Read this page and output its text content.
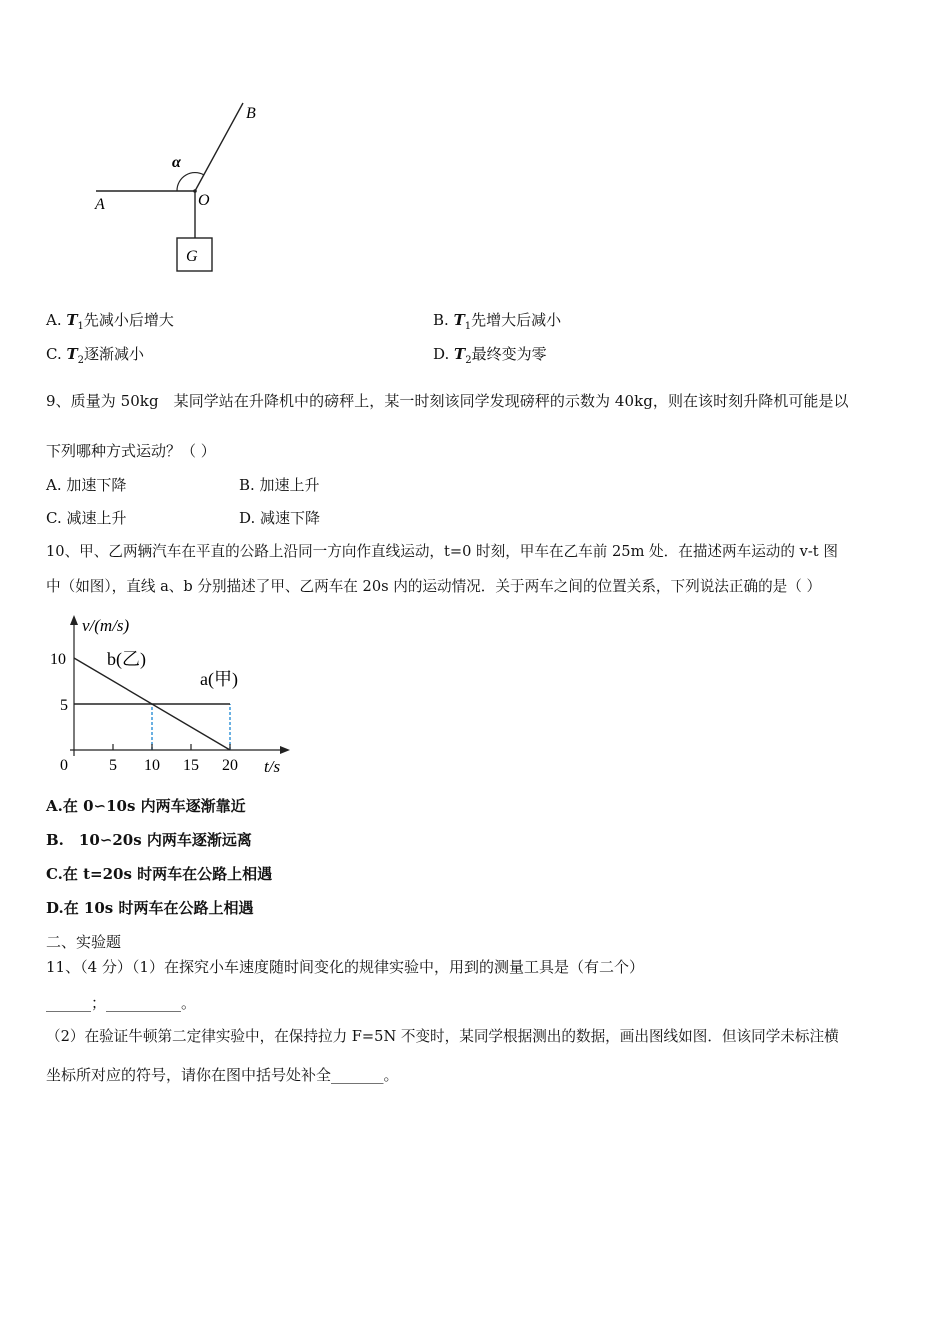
A
B
O
G
α
A. $T_1$先减小后增大	B. $T_1$先增大后减小
C. $T_2$逐渐减小	D. $T_2$最终变为零
9、质量为 50kg　某同学站在升降机中的磅秤上，某一时刻该同学发现磅秤的示数为 40kg，则在该时刻升降机可能是以
下列哪种方式运动？（ ）
A. 加速下降	B. 加速上升
C. 减速上升	D. 减速下降
10、甲、乙两辆汽车在平直的公路上沿同一方向作直线运动，t=0 时刻，甲车在乙车前 25m 处．在描述两车运动的 v-t 图
中（如图），直线 a、b 分别描述了甲、乙两车在 20s 内的运动情况．关于两车之间的位置关系，下列说法正确的是（ ）
v/(m/s)
t/s
b(乙)
a(甲)
0	5 10 15 20
5
10
A.在 0∽10s 内两车逐渐靠近
B.　10∽20s 内两车逐渐远离
C.在 t=20s 时两车在公路上相遇
D.在 10s 时两车在公路上相遇
二、实验题
11、（4 分）（1）在探究小车速度随时间变化的规律实验中，用到的测量工具是（有二个）
______；__________。
（2）在验证牛顿第二定律实验中，在保持拉力 F=5N 不变时，某同学根据测出的数据，画出图线如图．但该同学未标注横
坐标所对应的符号，请你在图中括号处补全_______。
